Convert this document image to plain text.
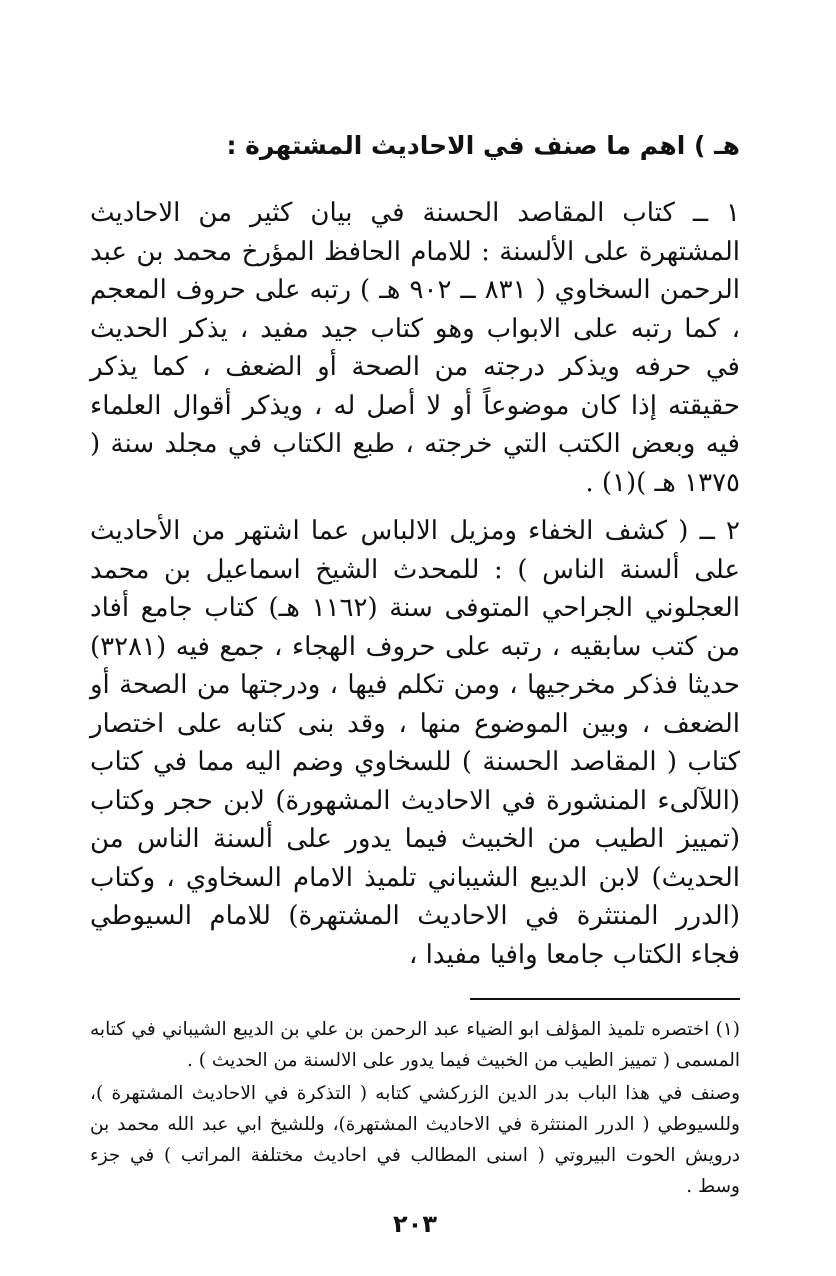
هـ ) اهم ما صنف في الاحاديث المشتهرة :

١ ــ كتاب المقاصد الحسنة في بيان كثير من الاحاديث المشتهرة على الألسنة : للامام الحافظ المؤرخ محمد بن عبد الرحمن السخاوي ( ٨٣١ ــ ٩٠٢ هـ ) رتبه على حروف المعجم ، كما رتبه على الابواب وهو كتاب جيد مفيد ، يذكر الحديث في حرفه ويذكر درجته من الصحة أو الضعف ، كما يذكر حقيقته إذا كان موضوعاً أو لا أصل له ، ويذكر أقوال العلماء فيه وبعض الكتب التي خرجته ، طبع الكتاب في مجلد سنة ( ١٣٧٥ هـ )(١) .

٢ ــ ( كشف الخفاء ومزيل الالباس عما اشتهر من الأحاديث على ألسنة الناس ) : للمحدث الشيخ اسماعيل بن محمد العجلوني الجراحي المتوفى سنة (١١٦٢ هـ) كتاب جامع أفاد من كتب سابقيه ، رتبه على حروف الهجاء ، جمع فيه (٣٢٨١) حديثا فذكر مخرجيها ، ومن تكلم فيها ، ودرجتها من الصحة أو الضعف ، وبين الموضوع منها ، وقد بنى كتابه على اختصار كتاب ( المقاصد الحسنة ) للسخاوي وضم اليه مما في كتاب (اللآلىء المنشورة في الاحاديث المشهورة) لابن حجر وكتاب (تمييز الطيب من الخبيث فيما يدور على ألسنة الناس من الحديث) لابن الديبع الشيباني تلميذ الامام السخاوي ، وكتاب (الدرر المنتثرة في الاحاديث المشتهرة) للامام السيوطي فجاء الكتاب جامعا وافيا مفيدا ،

(١) اختصره تلميذ المؤلف ابو الضياء عبد الرحمن بن علي بن الديبع الشيباني في كتابه المسمى ( تمييز الطيب من الخبيث فيما يدور على الالسنة من الحديث ) .

وصنف في هذا الباب بدر الدين الزركشي كتابه ( التذكرة في الاحاديث المشتهرة )، وللسيوطي ( الدرر المنتثرة في الاحاديث المشتهرة)، وللشيخ ابي عبد الله محمد بن درويش الحوت البيروتي ( اسنى المطالب في احاديث مختلفة المراتب ) في جزء وسط .

٢٠٣
